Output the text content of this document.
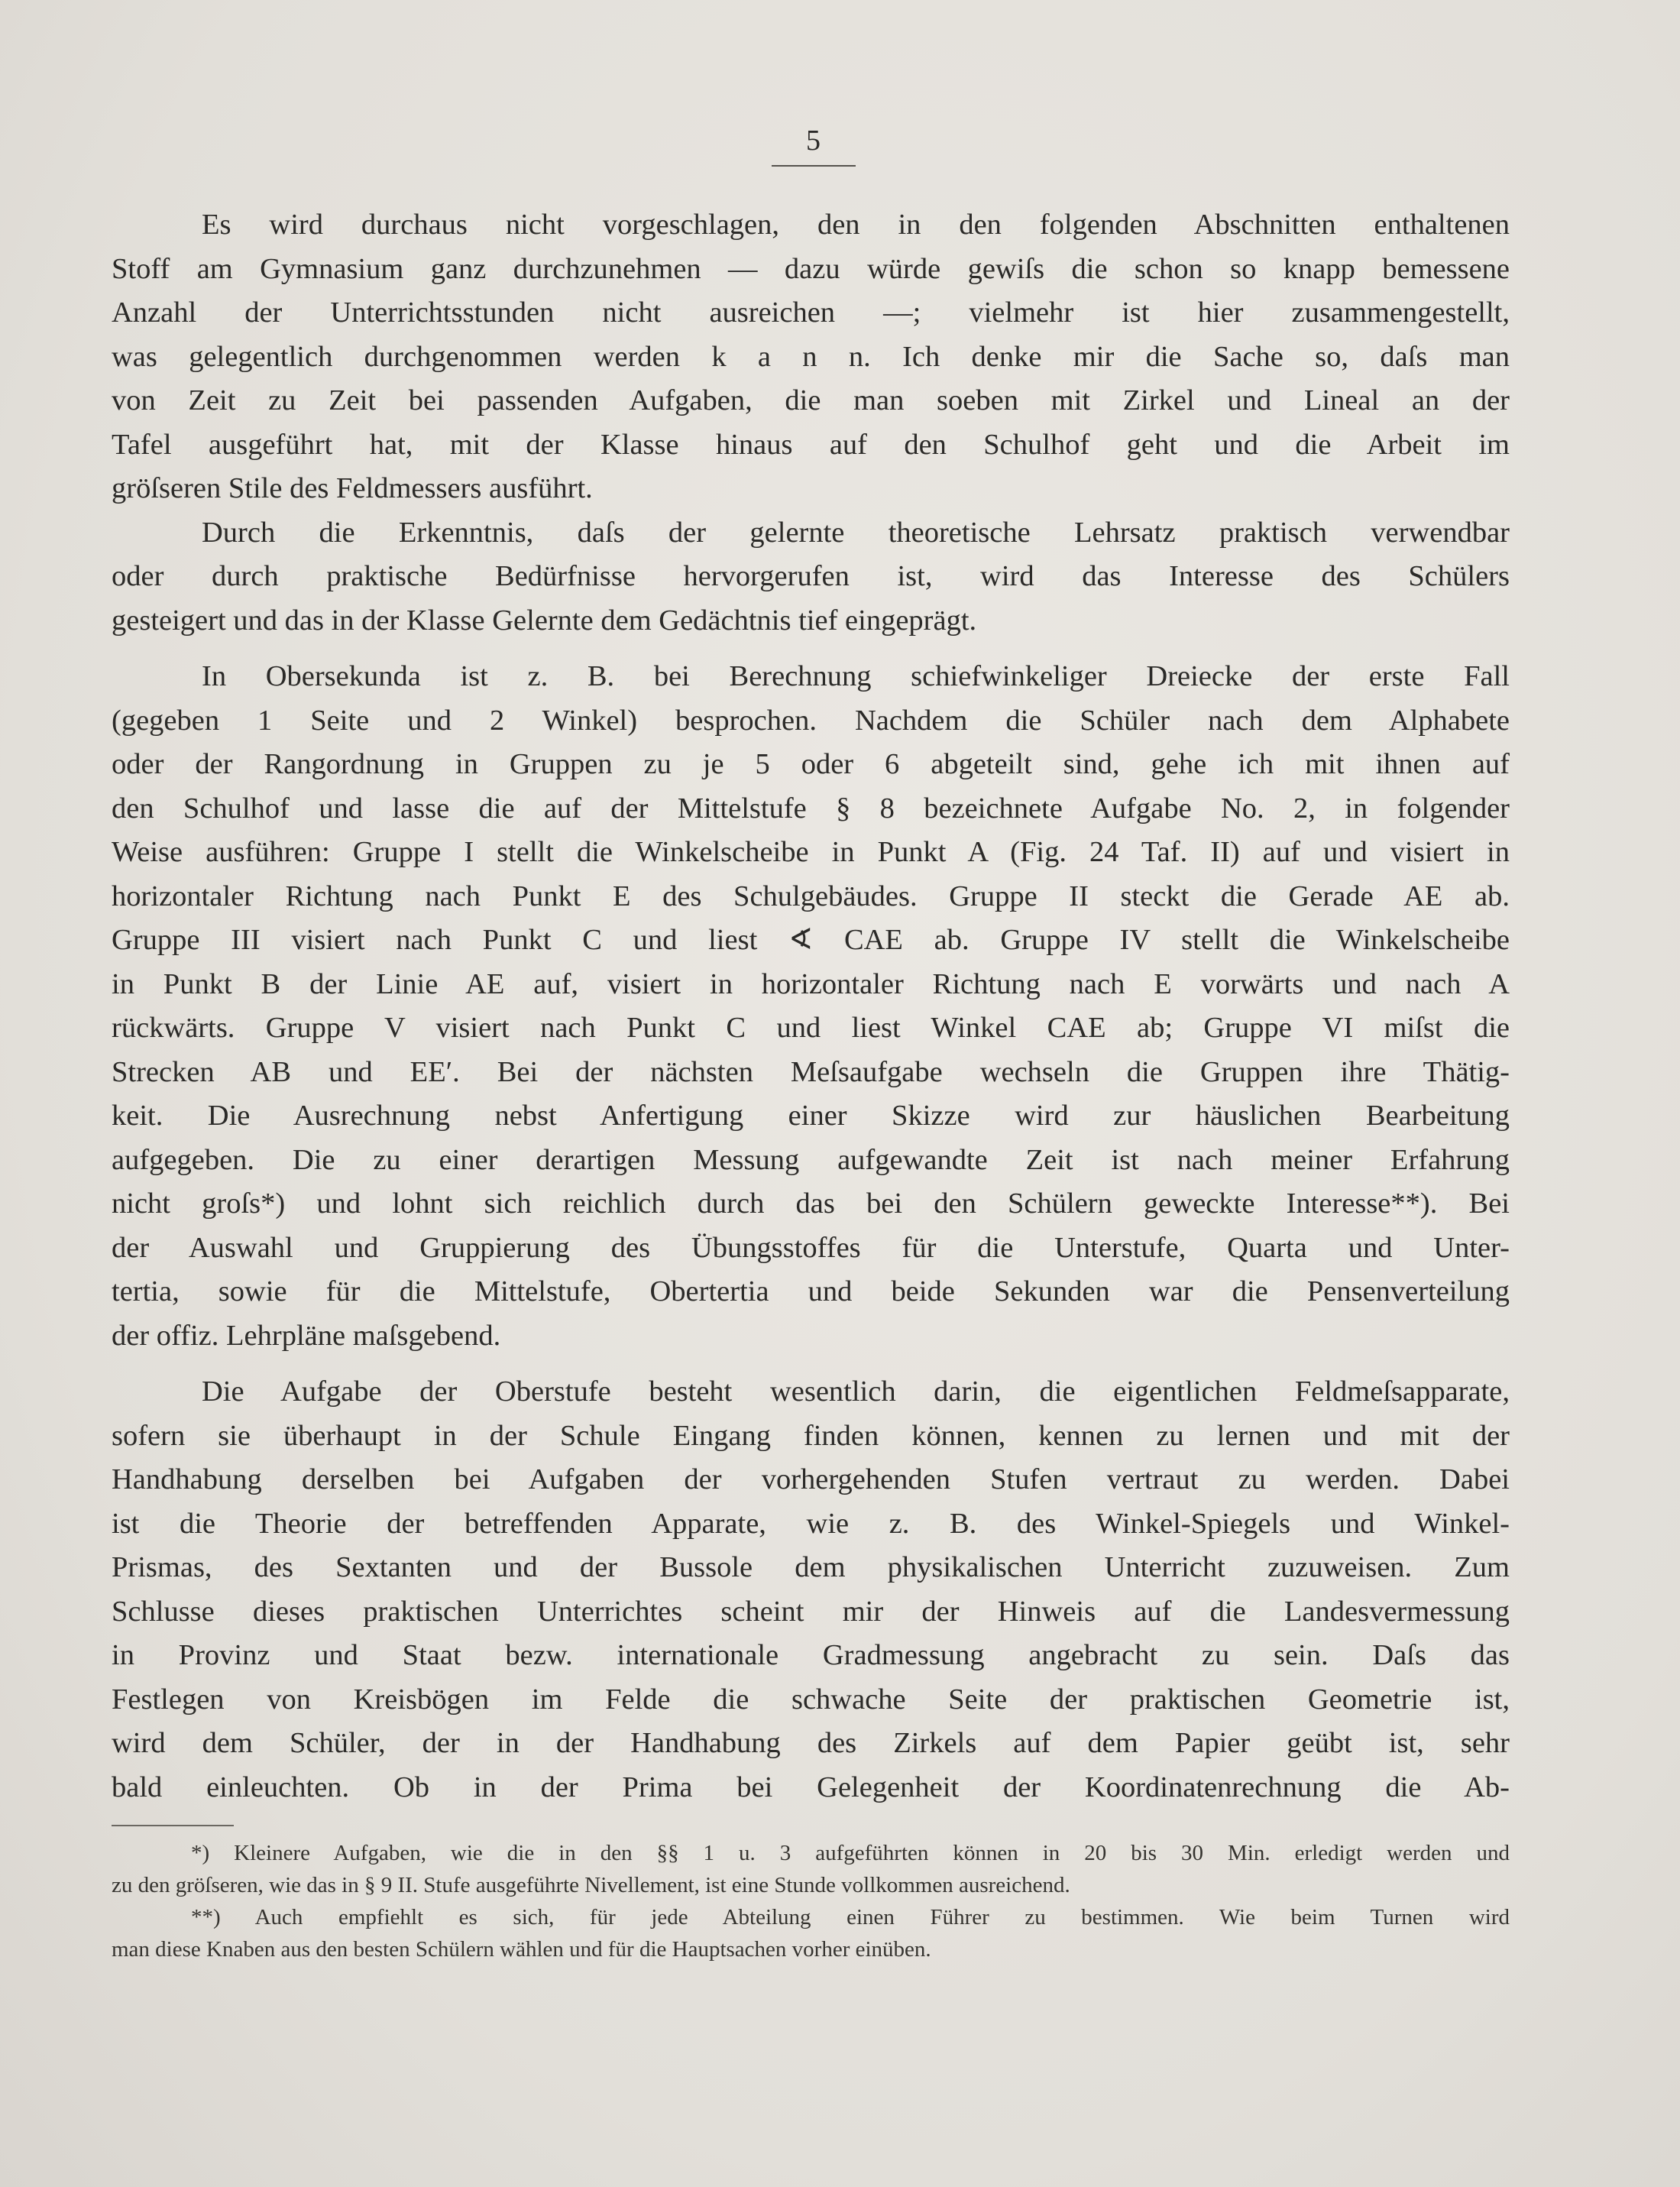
5
Es wird durchaus nicht vorgeschlagen, den in den folgenden Abschnitten enthaltenen
Stoff am Gymnasium ganz durchzunehmen — dazu würde gewiſs die schon so knapp bemessene
Anzahl der Unterrichtsstunden nicht ausreichen —; vielmehr ist hier zusammengestellt,
was gelegentlich durchgenommen werden k a n n. Ich denke mir die Sache so, daſs man
von Zeit zu Zeit bei passenden Aufgaben, die man soeben mit Zirkel und Lineal an der
Tafel ausgeführt hat, mit der Klasse hinaus auf den Schulhof geht und die Arbeit im
gröſseren Stile des Feldmessers ausführt.
Durch die Erkenntnis, daſs der gelernte theoretische Lehrsatz praktisch verwendbar
oder durch praktische Bedürfnisse hervorgerufen ist, wird das Interesse des Schülers
gesteigert und das in der Klasse Gelernte dem Gedächtnis tief eingeprägt.
In Obersekunda ist z. B. bei Berechnung schiefwinkeliger Dreiecke der erste Fall
(gegeben 1 Seite und 2 Winkel) besprochen. Nachdem die Schüler nach dem Alphabete
oder der Rangordnung in Gruppen zu je 5 oder 6 abgeteilt sind, gehe ich mit ihnen auf
den Schulhof und lasse die auf der Mittelstufe § 8 bezeichnete Aufgabe No. 2, in folgender
Weise ausführen: Gruppe I stellt die Winkelscheibe in Punkt A (Fig. 24 Taf. II) auf und visiert in
horizontaler Richtung nach Punkt E des Schulgebäudes. Gruppe II steckt die Gerade AE ab.
Gruppe III visiert nach Punkt C und liest ∢ CAE ab. Gruppe IV stellt die Winkelscheibe
in Punkt B der Linie AE auf, visiert in horizontaler Richtung nach E vorwärts und nach A
rückwärts. Gruppe V visiert nach Punkt C und liest Winkel CAE ab; Gruppe VI miſst die
Strecken AB und EE′. Bei der nächsten Meſsaufgabe wechseln die Gruppen ihre Thätig-
keit. Die Ausrechnung nebst Anfertigung einer Skizze wird zur häuslichen Bearbeitung
aufgegeben. Die zu einer derartigen Messung aufgewandte Zeit ist nach meiner Erfahrung
nicht groſs*) und lohnt sich reichlich durch das bei den Schülern geweckte Interesse**). Bei
der Auswahl und Gruppierung des Übungsstoffes für die Unterstufe, Quarta und Unter-
tertia, sowie für die Mittelstufe, Obertertia und beide Sekunden war die Pensenverteilung
der offiz. Lehrpläne maſsgebend.
Die Aufgabe der Oberstufe besteht wesentlich darin, die eigentlichen Feldmeſsapparate,
sofern sie überhaupt in der Schule Eingang finden können, kennen zu lernen und mit der
Handhabung derselben bei Aufgaben der vorhergehenden Stufen vertraut zu werden. Dabei
ist die Theorie der betreffenden Apparate, wie z. B. des Winkel-Spiegels und Winkel-
Prismas, des Sextanten und der Bussole dem physikalischen Unterricht zuzuweisen. Zum
Schlusse dieses praktischen Unterrichtes scheint mir der Hinweis auf die Landesvermessung
in Provinz und Staat bezw. internationale Gradmessung angebracht zu sein. Daſs das
Festlegen von Kreisbögen im Felde die schwache Seite der praktischen Geometrie ist,
wird dem Schüler, der in der Handhabung des Zirkels auf dem Papier geübt ist, sehr
bald einleuchten. Ob in der Prima bei Gelegenheit der Koordinatenrechnung die Ab-
*) Kleinere Aufgaben, wie die in den §§ 1 u. 3 aufgeführten können in 20 bis 30 Min. erledigt werden und
zu den gröſseren, wie das in § 9 II. Stufe ausgeführte Nivellement, ist eine Stunde vollkommen ausreichend.
**) Auch empfiehlt es sich, für jede Abteilung einen Führer zu bestimmen. Wie beim Turnen wird
man diese Knaben aus den besten Schülern wählen und für die Hauptsachen vorher einüben.
